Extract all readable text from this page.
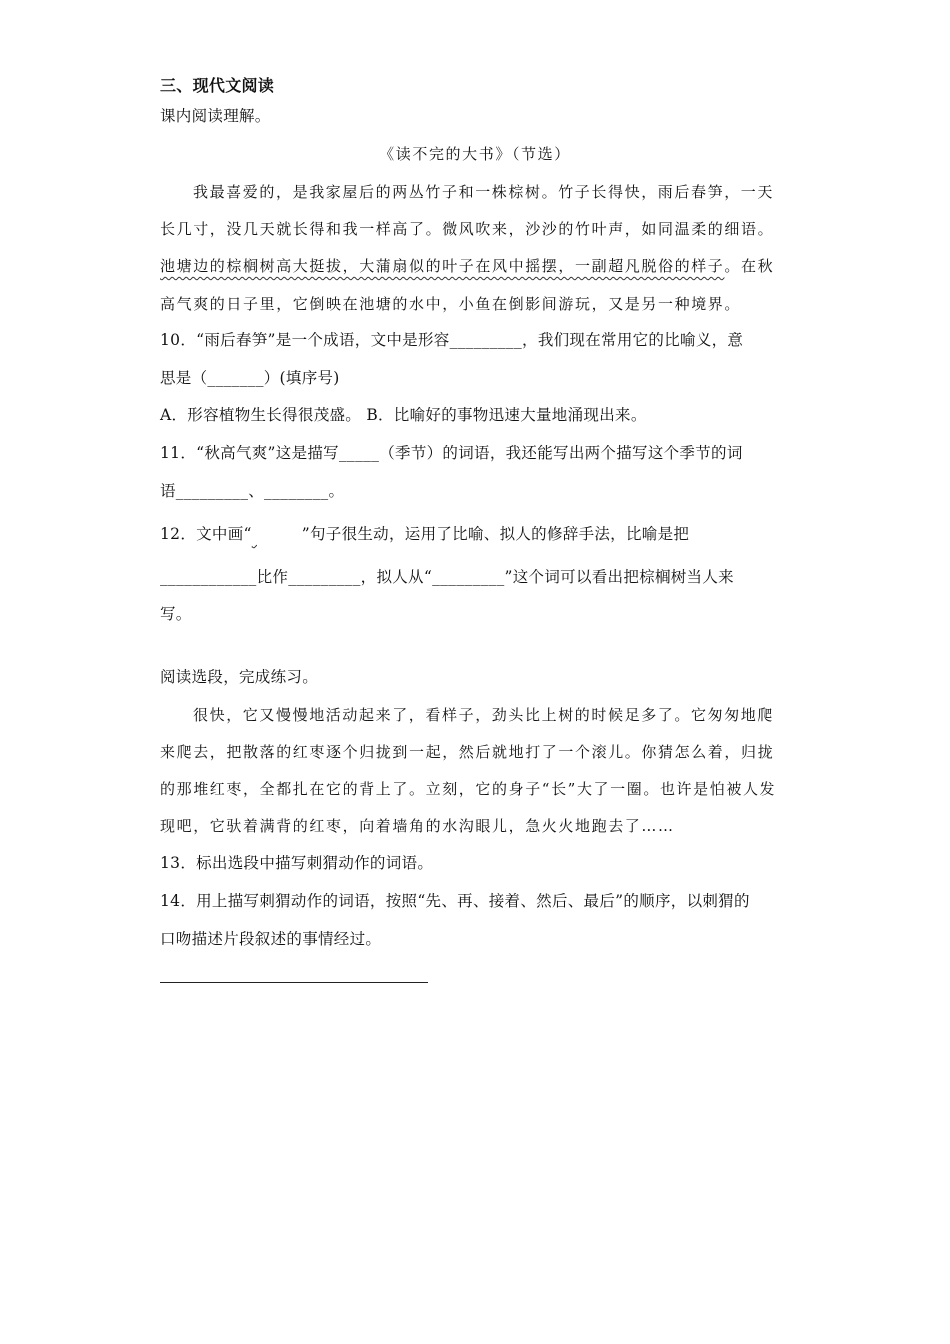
三、现代文阅读
课内阅读理解。
《读不完的大书》（节选）
我最喜爱的，是我家屋后的两丛竹子和一株棕树。竹子长得快，雨后春笋，一天
长几寸，没几天就长得和我一样高了。微风吹来，沙沙的竹叶声，如同温柔的细语。
池塘边的棕榈树高大挺拔，大蒲扇似的叶子在风中摇摆，一副超凡脱俗的样子。在秋
高气爽的日子里，它倒映在池塘的水中，小鱼在倒影间游玩，又是另一种境界。
10．“雨后春笋”是一个成语，文中是形容_________，我们现在常用它的比喻义，意
思是（_______）(填序号)
A．形容植物生长得很茂盛。 B．比喻好的事物迅速大量地涌现出来。
11．“秋高气爽”这是描写_____（季节）的词语，我还能写出两个描写这个季节的词
语_________、________。
12．文中画“	”句子很生动，运用了比喻、拟人的修辞手法，比喻是把
____________比作_________，拟人从“_________”这个词可以看出把棕榈树当人来
写。
阅读选段，完成练习。
很快，它又慢慢地活动起来了，看样子，劲头比上树的时候足多了。它匆匆地爬
来爬去，把散落的红枣逐个归拢到一起，然后就地打了一个滚儿。你猜怎么着，归拢
的那堆红枣，全都扎在它的背上了。立刻，它的身子“长”大了一圈。也许是怕被人发
现吧，它驮着满背的红枣，向着墙角的水沟眼儿，急火火地跑去了……
13．标出选段中描写刺猬动作的词语。
14．用上描写刺猬动作的词语，按照“先、再、接着、然后、最后”的顺序，以刺猬的
口吻描述片段叙述的事情经过。
